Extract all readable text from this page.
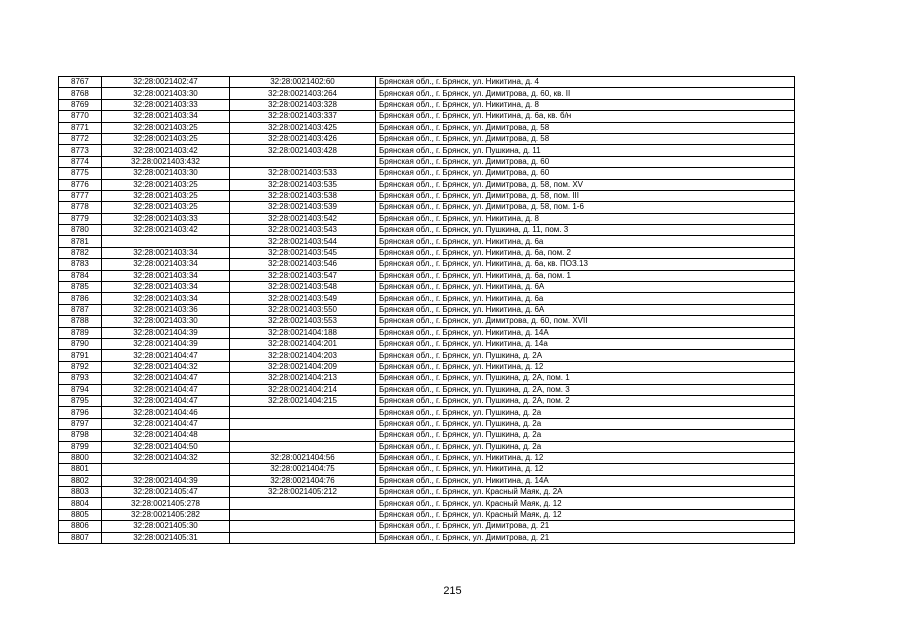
8767	32:28:0021402:47	32:28:0021402:60	Брянская обл., г. Брянск, ул. Никитина, д. 4
8768	32:28:0021403:30	32:28:0021403:264	Брянская обл., г. Брянск, ул. Димитрова, д. 60, кв. II
8769	32:28:0021403:33	32:28:0021403:328	Брянская обл., г. Брянск, ул. Никитина, д. 8
8770	32:28:0021403:34	32:28:0021403:337	Брянская обл., г. Брянск, ул. Никитина, д. 6а, кв. б/н
8771	32:28:0021403:25	32:28:0021403:425	Брянская обл., г. Брянск, ул. Димитрова, д. 58
8772	32:28:0021403:25	32:28:0021403:426	Брянская обл., г. Брянск, ул. Димитрова, д. 58
8773	32:28:0021403:42	32:28:0021403:428	Брянская обл., г. Брянск, ул. Пушкина, д. 11
8774	32:28:0021403:432		Брянская обл., г. Брянск, ул. Димитрова, д. 60
8775	32:28:0021403:30	32:28:0021403:533	Брянская обл., г. Брянск, ул. Димитрова, д. 60
8776	32:28:0021403:25	32:28:0021403:535	Брянская обл., г. Брянск, ул. Димитрова, д. 58, пом. XV
8777	32:28:0021403:25	32:28:0021403:538	Брянская обл., г. Брянск, ул. Димитрова, д. 58, пом. III
8778	32:28:0021403:25	32:28:0021403:539	Брянская обл., г. Брянск, ул. Димитрова, д. 58, пом. 1-6
8779	32:28:0021403:33	32:28:0021403:542	Брянская обл., г. Брянск, ул. Никитина, д. 8
8780	32:28:0021403:42	32:28:0021403:543	Брянская обл., г. Брянск, ул. Пушкина, д. 11, пом. 3
8781		32:28:0021403:544	Брянская обл., г. Брянск, ул. Никитина, д. 6а
8782	32:28:0021403:34	32:28:0021403:545	Брянская обл., г. Брянск, ул. Никитина, д. 6а, пом. 2
8783	32:28:0021403:34	32:28:0021403:546	Брянская обл., г. Брянск, ул. Никитина, д. 6а, кв. ПОЗ.13
8784	32:28:0021403:34	32:28:0021403:547	Брянская обл., г. Брянск, ул. Никитина, д. 6а, пом. 1
8785	32:28:0021403:34	32:28:0021403:548	Брянская обл., г. Брянск, ул. Никитина, д. 6А
8786	32:28:0021403:34	32:28:0021403:549	Брянская обл., г. Брянск, ул. Никитина, д. 6а
8787	32:28:0021403:36	32:28:0021403:550	Брянская обл., г. Брянск, ул. Никитина, д. 6А
8788	32:28:0021403:30	32:28:0021403:553	Брянская обл., г. Брянск, ул. Димитрова, д. 60, пом. XVII
8789	32:28:0021404:39	32:28:0021404:188	Брянская обл., г. Брянск, ул. Никитина, д. 14А
8790	32:28:0021404:39	32:28:0021404:201	Брянская обл., г. Брянск, ул. Никитина, д. 14а
8791	32:28:0021404:47	32:28:0021404:203	Брянская обл., г. Брянск, ул. Пушкина, д. 2А
8792	32:28:0021404:32	32:28:0021404:209	Брянская обл., г. Брянск, ул. Никитина, д. 12
8793	32:28:0021404:47	32:28:0021404:213	Брянская обл., г. Брянск, ул. Пушкина, д. 2А, пом. 1
8794	32:28:0021404:47	32:28:0021404:214	Брянская обл., г. Брянск, ул. Пушкина, д. 2А, пом. 3
8795	32:28:0021404:47	32:28:0021404:215	Брянская обл., г. Брянск, ул. Пушкина, д. 2А, пом. 2
8796	32:28:0021404:46		Брянская обл., г. Брянск, ул. Пушкина, д. 2а
8797	32:28:0021404:47		Брянская обл., г. Брянск, ул. Пушкина, д. 2а
8798	32:28:0021404:48		Брянская обл., г. Брянск, ул. Пушкина, д. 2а
8799	32:28:0021404:50		Брянская обл., г. Брянск, ул. Пушкина, д. 2а
8800	32:28:0021404:32	32:28:0021404:56	Брянская обл., г. Брянск, ул. Никитина, д. 12
8801		32:28:0021404:75	Брянская обл., г. Брянск, ул. Никитина, д. 12
8802	32:28:0021404:39	32:28:0021404:76	Брянская обл., г. Брянск, ул. Никитина, д. 14А
8803	32:28:0021405:47	32:28:0021405:212	Брянская обл., г. Брянск, ул. Красный Маяк, д. 2А
8804	32:28:0021405:278		Брянская обл., г. Брянск, ул. Красный Маяк, д. 12
8805	32:28:0021405:282		Брянская обл., г. Брянск, ул. Красный Маяк, д. 12
8806	32:28:0021405:30		Брянская обл., г. Брянск, ул. Димитрова, д. 21
8807	32:28:0021405:31		Брянская обл., г. Брянск, ул. Димитрова, д. 21
215
